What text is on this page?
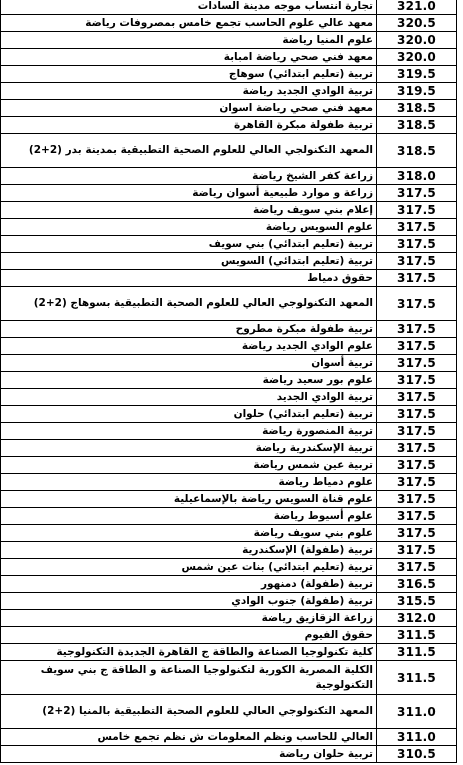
تجارة انتساب موجه مدينة السادات	321.0
معهد عالي علوم الحاسب تجمع خامس بمصروفات رياضة	320.5
علوم المنيا رياضة	320.0
معهد فني صحي رياضة امبابة	320.0
تربية (تعليم ابتدائي) سوهاج	319.5
تربية الوادي الجديد رياضة	319.5
معهد فني صحي رياضة اسوان	318.5
تربية طفولة مبكرة القاهرة	318.5
المعهد التكنولجي العالي للعلوم الصحية التطبيقية بمدينة بدر (2+2)	318.5
زراعة كفر الشيخ رياضة	318.0
زراعة و موارد طبيعية أسوان رياضة	317.5
إعلام بني سويف رياضة	317.5
علوم السويس رياضة	317.5
تربية (تعليم ابتدائي) بني سويف	317.5
تربية (تعليم ابتدائي) السويس	317.5
حقوق دمياط	317.5
المعهد التكنولوجي العالي للعلوم الصحية التطبيقية بسوهاج (2+2)	317.5
تربية طفولة مبكرة مطروح	317.5
علوم الوادي الجديد رياضة	317.5
تربية أسوان	317.5
علوم بور سعيد رياضة	317.5
تربية الوادي الجديد	317.5
تربية (تعليم ابتدائي) حلوان	317.5
تربية المنصورة رياضة	317.5
تربية الإسكندرية رياضة	317.5
تربية عين شمس رياضة	317.5
علوم دمياط رياضة	317.5
علوم قناة السويس رياضة بالإسماعيلية	317.5
علوم أسيوط رياضة	317.5
علوم بني سويف رياضة	317.5
تربية (طفولة) الإسكندرية	317.5
تربية (تعليم ابتدائي) بنات عين شمس	317.5
تربية (طفولة) دمنهور	316.5
تربية (طفولة) جنوب الوادي	315.5
زراعة الزقازيق رياضة	312.0
حقوق الفيوم	311.5
كلية تكنولوجيا الصناعة والطاقة ج القاهرة الجديدة التكنولوجية	311.5
الكلية المصرية الكورية لتكنولوجيا الصناعة و الطاقة ج بني سويف التكنولوجية	311.5
المعهد التكنولوجي العالي للعلوم الصحية التطبيقية بالمنيا (2+2)	311.0
العالي للحاسب ونظم المعلومات ش نظم تجمع خامس	311.0
تربية حلوان رياضة	310.5
